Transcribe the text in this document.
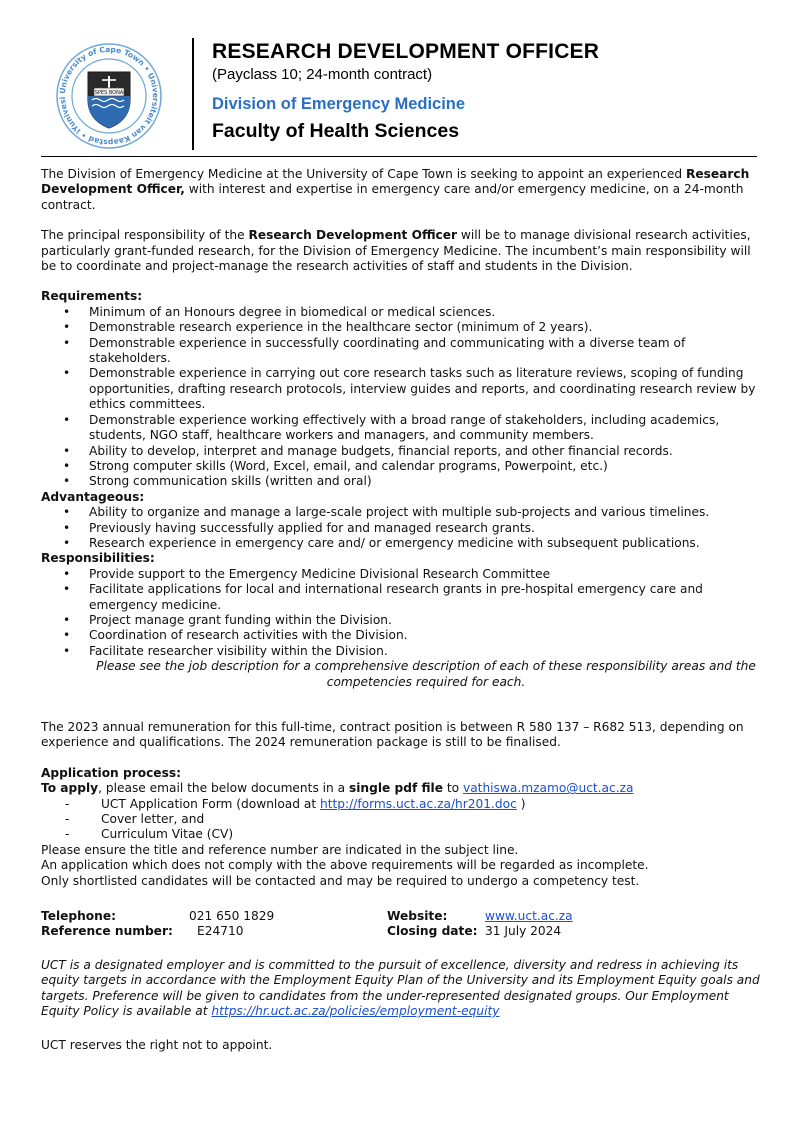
University of Cape Town • Universiteit van Kaapstad • iYunivesi
SPES BONA
RESEARCH DEVELOPMENT OFFICER
(Payclass 10; 24-month contract)
Division of Emergency Medicine
Faculty of Health Sciences

The Division of Emergency Medicine at the University of Cape Town is seeking to appoint an experienced Research Development Officer, with interest and expertise in emergency care and/or emergency medicine, on a 24-month contract.

The principal responsibility of the Research Development Officer will be to manage divisional research activities, particularly grant-funded research, for the Division of Emergency Medicine. The incumbent’s main responsibility will be to coordinate and project-manage the research activities of staff and students in the Division.

Requirements:
• Minimum of an Honours degree in biomedical or medical sciences.
• Demonstrable research experience in the healthcare sector (minimum of 2 years).
• Demonstrable experience in successfully coordinating and communicating with a diverse team of stakeholders.
• Demonstrable experience in carrying out core research tasks such as literature reviews, scoping of funding opportunities, drafting research protocols, interview guides and reports, and coordinating research review by ethics committees.
• Demonstrable experience working effectively with a broad range of stakeholders, including academics, students, NGO staff, healthcare workers and managers, and community members.
• Ability to develop, interpret and manage budgets, financial reports, and other financial records.
• Strong computer skills (Word, Excel, email, and calendar programs, Powerpoint, etc.)
• Strong communication skills (written and oral)
Advantageous:
• Ability to organize and manage a large-scale project with multiple sub-projects and various timelines.
• Previously having successfully applied for and managed research grants.
• Research experience in emergency care and/ or emergency medicine with subsequent publications.
Responsibilities:
• Provide support to the Emergency Medicine Divisional Research Committee
• Facilitate applications for local and international research grants in pre-hospital emergency care and emergency medicine.
• Project manage grant funding within the Division.
• Coordination of research activities with the Division.
• Facilitate researcher visibility within the Division.

Please see the job description for a comprehensive description of each of these responsibility areas and the competencies required for each.

The 2023 annual remuneration for this full-time, contract position is between R 580 137 – R682 513, depending on experience and qualifications. The 2024 remuneration package is still to be finalised.

Application process:

To apply, please email the below documents in a single pdf file to vathiswa.mzamo@uct.ac.za

- UCT Application Form (download at http://forms.uct.ac.za/hr201.doc )
- Cover letter, and
- Curriculum Vitae (CV)

Please ensure the title and reference number are indicated in the subject line.

An application which does not comply with the above requirements will be regarded as incomplete.

Only shortlisted candidates will be contacted and may be required to undergo a competency test.

Telephone:	021 650 1829	Website:	www.uct.ac.za
Reference number:	E24710	Closing date: 31 July 2024

UCT is a designated employer and is committed to the pursuit of excellence, diversity and redress in achieving its equity targets in accordance with the Employment Equity Plan of the University and its Employment Equity goals and targets. Preference will be given to candidates from the under-represented designated groups. Our Employment Equity Policy is available at https://hr.uct.ac.za/policies/employment-equity

UCT reserves the right not to appoint.
